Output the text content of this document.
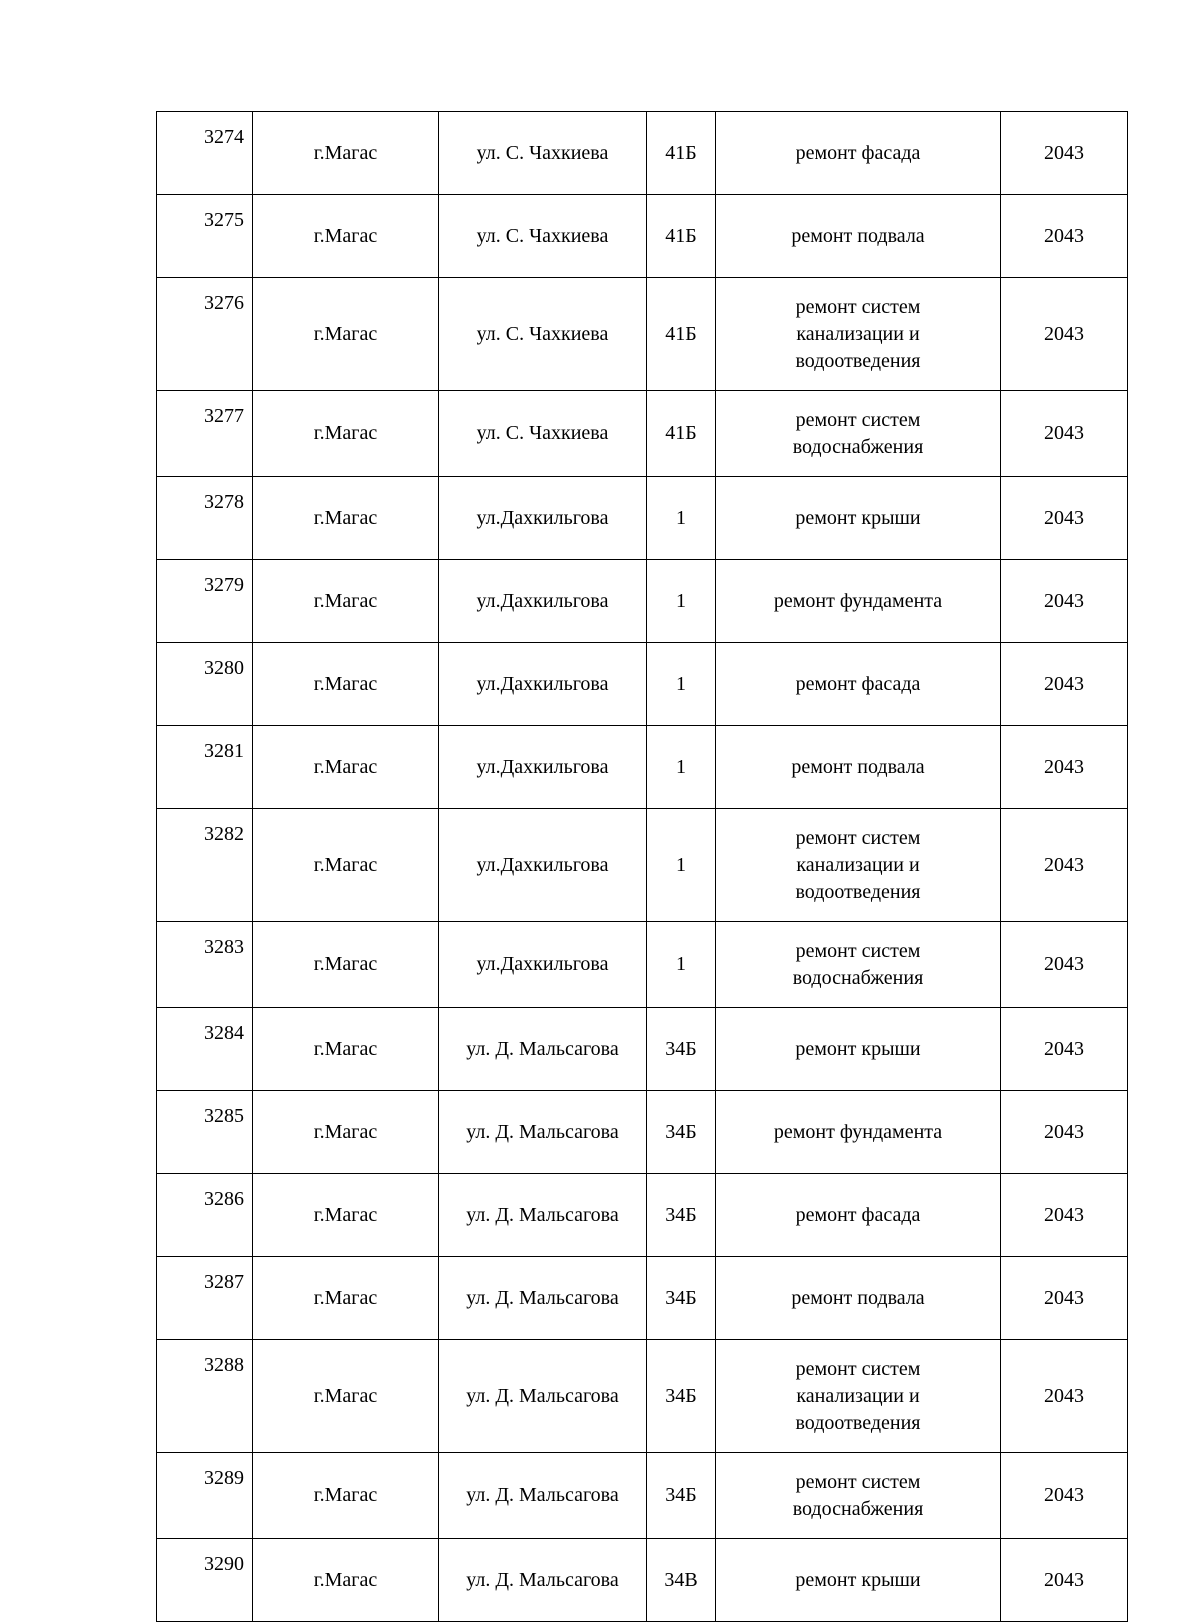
3274	г.Магас	ул. С. Чахкиева	41Б	ремонт фасада	2043
3275	г.Магас	ул. С. Чахкиева	41Б	ремонт подвала	2043
3276	г.Магас	ул. С. Чахкиева	41Б	ремонт систем
канализации и
водоотведения	2043
3277	г.Магас	ул. С. Чахкиева	41Б	ремонт систем
водоснабжения	2043
3278	г.Магас	ул.Дахкильгова	1	ремонт крыши	2043
3279	г.Магас	ул.Дахкильгова	1	ремонт фундамента	2043
3280	г.Магас	ул.Дахкильгова	1	ремонт фасада	2043
3281	г.Магас	ул.Дахкильгова	1	ремонт подвала	2043
3282	г.Магас	ул.Дахкильгова	1	ремонт систем
канализации и
водоотведения	2043
3283	г.Магас	ул.Дахкильгова	1	ремонт систем
водоснабжения	2043
3284	г.Магас	ул. Д. Мальсагова	34Б	ремонт крыши	2043
3285	г.Магас	ул. Д. Мальсагова	34Б	ремонт фундамента	2043
3286	г.Магас	ул. Д. Мальсагова	34Б	ремонт фасада	2043
3287	г.Магас	ул. Д. Мальсагова	34Б	ремонт подвала	2043
3288	г.Магас	ул. Д. Мальсагова	34Б	ремонт систем
канализации и
водоотведения	2043
3289	г.Магас	ул. Д. Мальсагова	34Б	ремонт систем
водоснабжения	2043
3290	г.Магас	ул. Д. Мальсагова	34В	ремонт крыши	2043
